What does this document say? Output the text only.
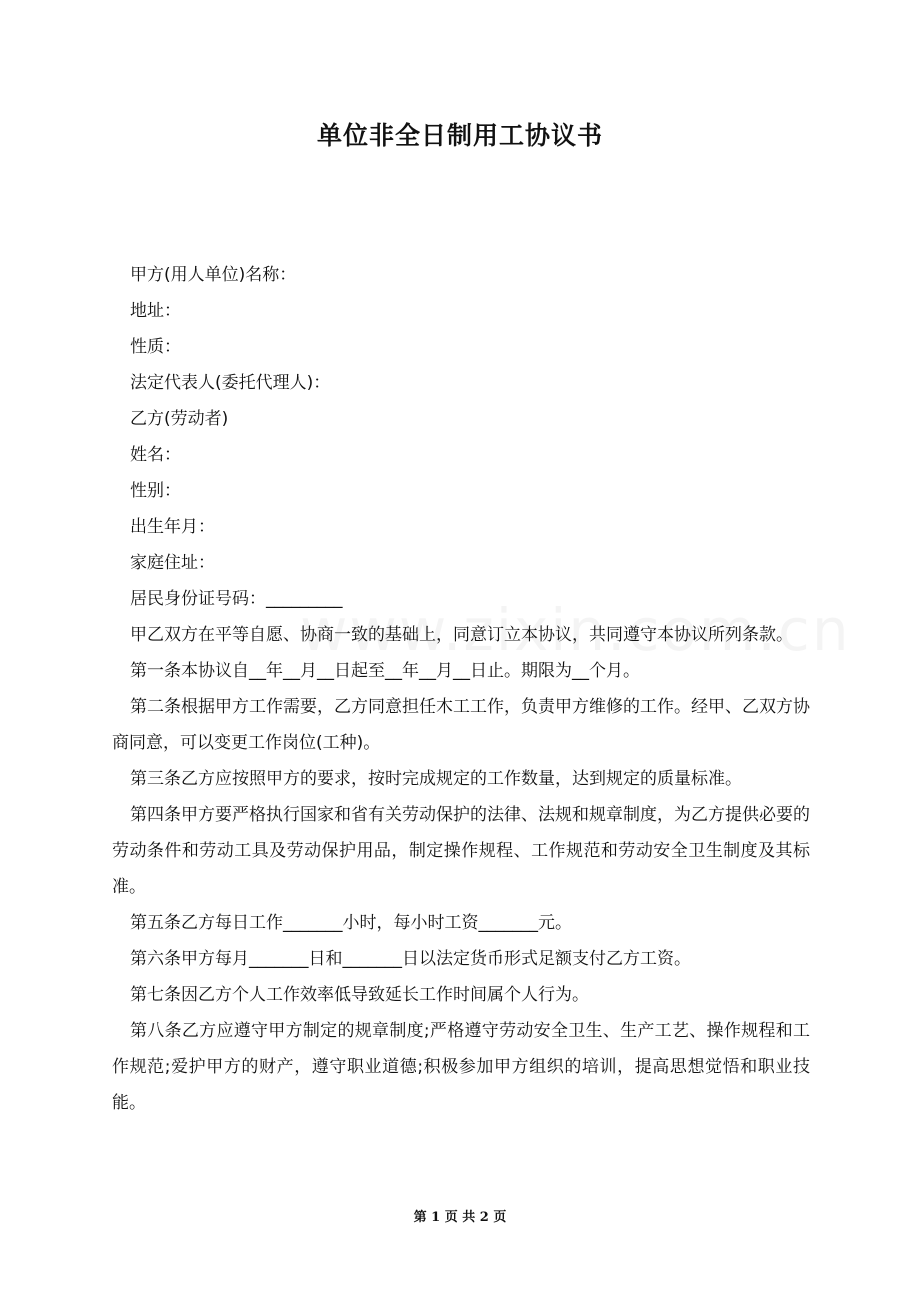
单位非全日制用工协议书

甲方(用人单位)名称：

地址：

性质：

法定代表人(委托代理人)：

乙方(劳动者)

姓名：

性别：

出生年月：

家庭住址：

居民身份证号码：_________

甲乙双方在平等自愿、协商一致的基础上，同意订立本协议，共同遵守本协议所列条款。

第一条本协议自__年__月__日起至__年__月__日止。期限为__个月。

第二条根据甲方工作需要，乙方同意担任木工工作，负责甲方维修的工作。经甲、乙双方协商同意，可以变更工作岗位(工种)。

第三条乙方应按照甲方的要求，按时完成规定的工作数量，达到规定的质量标准。

第四条甲方要严格执行国家和省有关劳动保护的法律、法规和规章制度，为乙方提供必要的劳动条件和劳动工具及劳动保护用品，制定操作规程、工作规范和劳动安全卫生制度及其标准。

第五条乙方每日工作_______小时，每小时工资_______元。

第六条甲方每月_______日和_______日以法定货币形式足额支付乙方工资。

第七条因乙方个人工作效率低导致延长工作时间属个人行为。

第八条乙方应遵守甲方制定的规章制度;严格遵守劳动安全卫生、生产工艺、操作规程和工作规范;爱护甲方的财产，遵守职业道德;积极参加甲方组织的培训，提高思想觉悟和职业技能。

第 1 页 共 2 页
